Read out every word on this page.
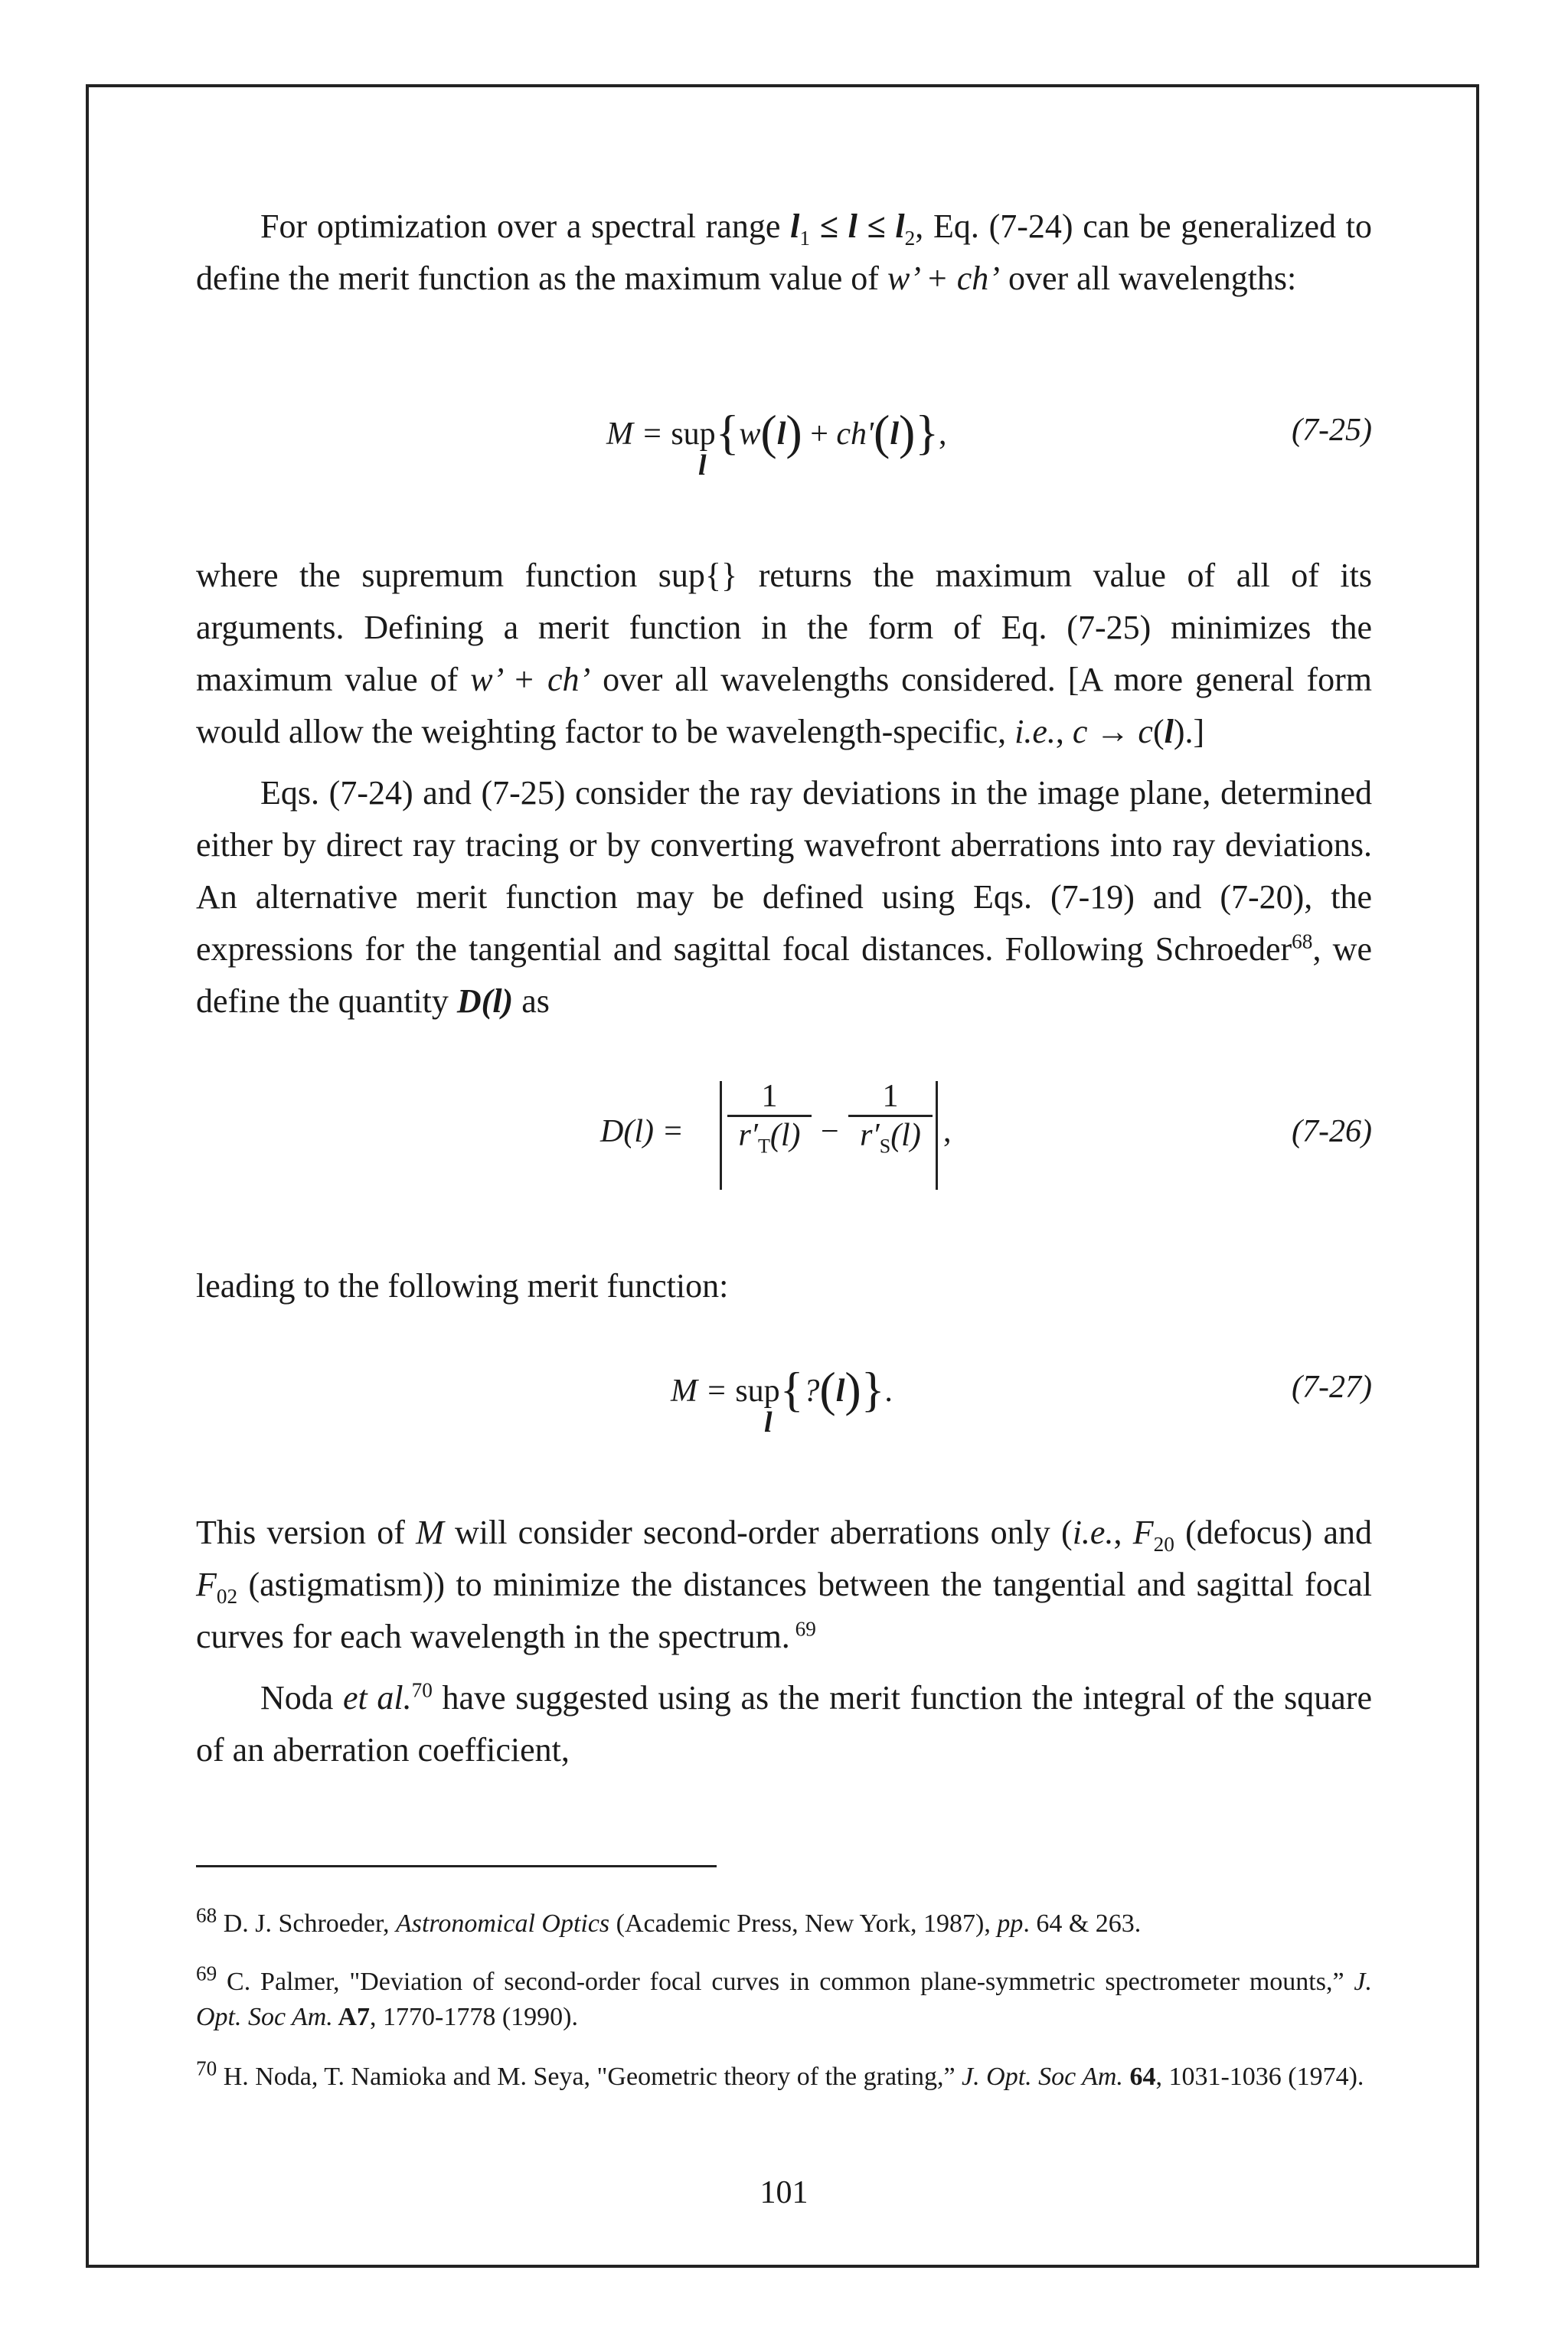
For optimization over a spectral range $l_1 \le l \le l_2$, Eq. (7-24) can be generalized to define the merit function as the maximum value of w’ + ch’ over all wavelengths:

M = sup{w(l) + ch'(l)},
l
(7-25)

where the supremum function sup{} returns the maximum value of all of its arguments. Defining a merit function in the form of Eq. (7-25) minimizes the maximum value of w’ + ch’ over all wavelengths considered. [A more general form would allow the weighting factor to be wavelength-specific, i.e., c → c(l).]

Eqs. (7-24) and (7-25) consider the ray deviations in the image plane, determined either by direct ray tracing or by converting wavefront aberrations into ray deviations. An alternative merit function may be defined using Eqs. (7-19) and (7-20), the expressions for the tangential and sagittal focal distances. Following Schroeder$^{68}$, we define the quantity D(l) as

$D(l) = \frac{1}{r'_T(l)} - \frac{1}{r'_S(l)}$ ,	(7-26)

leading to the following merit function:

M = sup{?(l)}.
l
(7-27)

This version of M will consider second-order aberrations only (i.e., $F_{20}$ (defocus) and $F_{02}$ (astigmatism)) to minimize the distances between the tangential and sagittal focal curves for each wavelength in the spectrum. $^{69}$

Noda et al.$^{70}$ have suggested using as the merit function the integral of the square of an aberration coefficient,

$^{68}$ D. J. Schroeder, Astronomical Optics (Academic Press, New York, 1987), pp. 64 & 263.
$^{69}$ C. Palmer, "Deviation of second-order focal curves in common plane-symmetric spectrometer mounts,” J. Opt. Soc Am. A7, 1770-1778 (1990).
$^{70}$ H. Noda, T. Namioka and M. Seya, "Geometric theory of the grating,” J. Opt. Soc Am. 64, 1031-1036 (1974).
101
